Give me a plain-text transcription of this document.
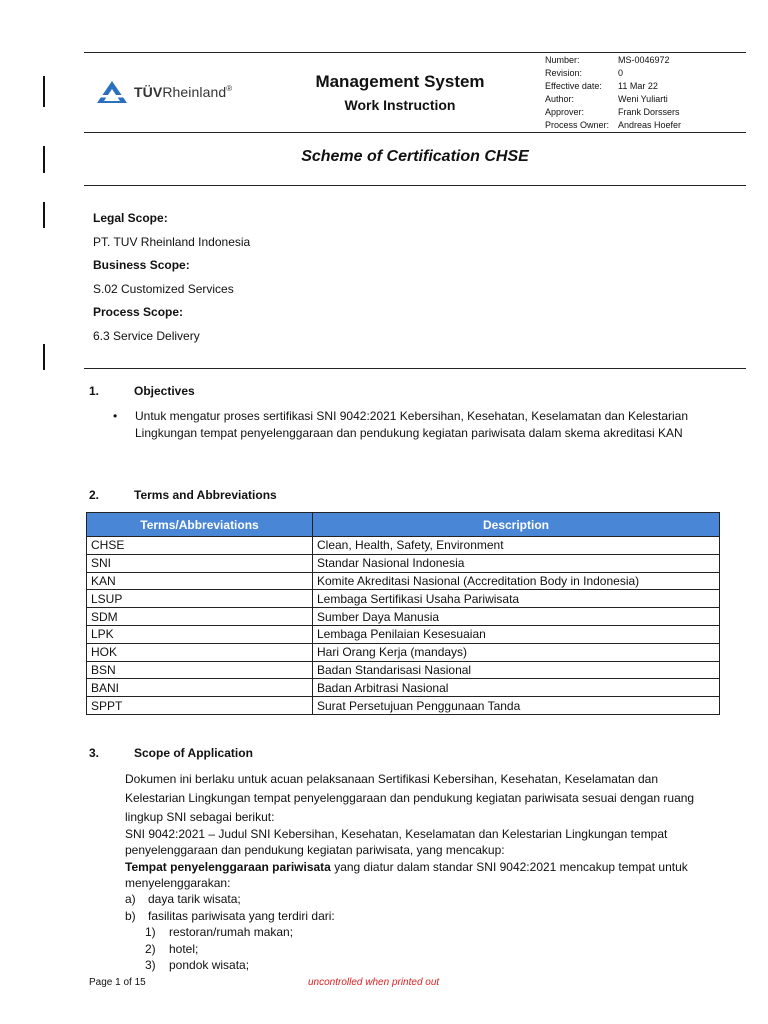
TÜVRheinland®	Management System
Work Instruction
Number:	MS-0046972
Revision:	0
Effective date:	11 Mar 22
Author:	Weni Yuliarti
Approver:	Frank Dorssers
Process Owner: Andreas Hoefer
Scheme of Certification CHSE
Legal Scope:
PT. TUV Rheinland Indonesia
Business Scope:
S.02 Customized Services
Process Scope:
6.3 Service Delivery
1.	Objectives
•	Untuk mengatur proses sertifikasi SNI 9042:2021 Kebersihan, Kesehatan, Keselamatan dan Kelestarian Lingkungan tempat penyelenggaraan dan pendukung kegiatan pariwisata dalam skema akreditasi KAN
2.	Terms and Abbreviations
Terms/Abbreviations	Description
CHSE	Clean, Health, Safety, Environment
SNI	Standar Nasional Indonesia
KAN	Komite Akreditasi Nasional (Accreditation Body in Indonesia)
LSUP	Lembaga Sertifikasi Usaha Pariwisata
SDM	Sumber Daya Manusia
LPK	Lembaga Penilaian Kesesuaian
HOK	Hari Orang Kerja (mandays)
BSN	Badan Standarisasi Nasional
BANI	Badan Arbitrasi Nasional
SPPT	Surat Persetujuan Penggunaan Tanda
3.	Scope of Application
Dokumen ini berlaku untuk acuan pelaksanaan Sertifikasi Kebersihan, Kesehatan, Keselamatan dan Kelestarian Lingkungan tempat penyelenggaraan dan pendukung kegiatan pariwisata sesuai dengan ruang lingkup SNI sebagai berikut:
SNI 9042:2021 – Judul SNI Kebersihan, Kesehatan, Keselamatan dan Kelestarian Lingkungan tempat penyelenggaraan dan pendukung kegiatan pariwisata, yang mencakup:
Tempat penyelenggaraan pariwisata yang diatur dalam standar SNI 9042:2021 mencakup tempat untuk menyelenggarakan:
a)	daya tarik wisata;
b)	fasilitas pariwisata yang terdiri dari:
1)	restoran/rumah makan;
2)	hotel;
3)	pondok wisata;
Page 1 of 15	uncontrolled when printed out
